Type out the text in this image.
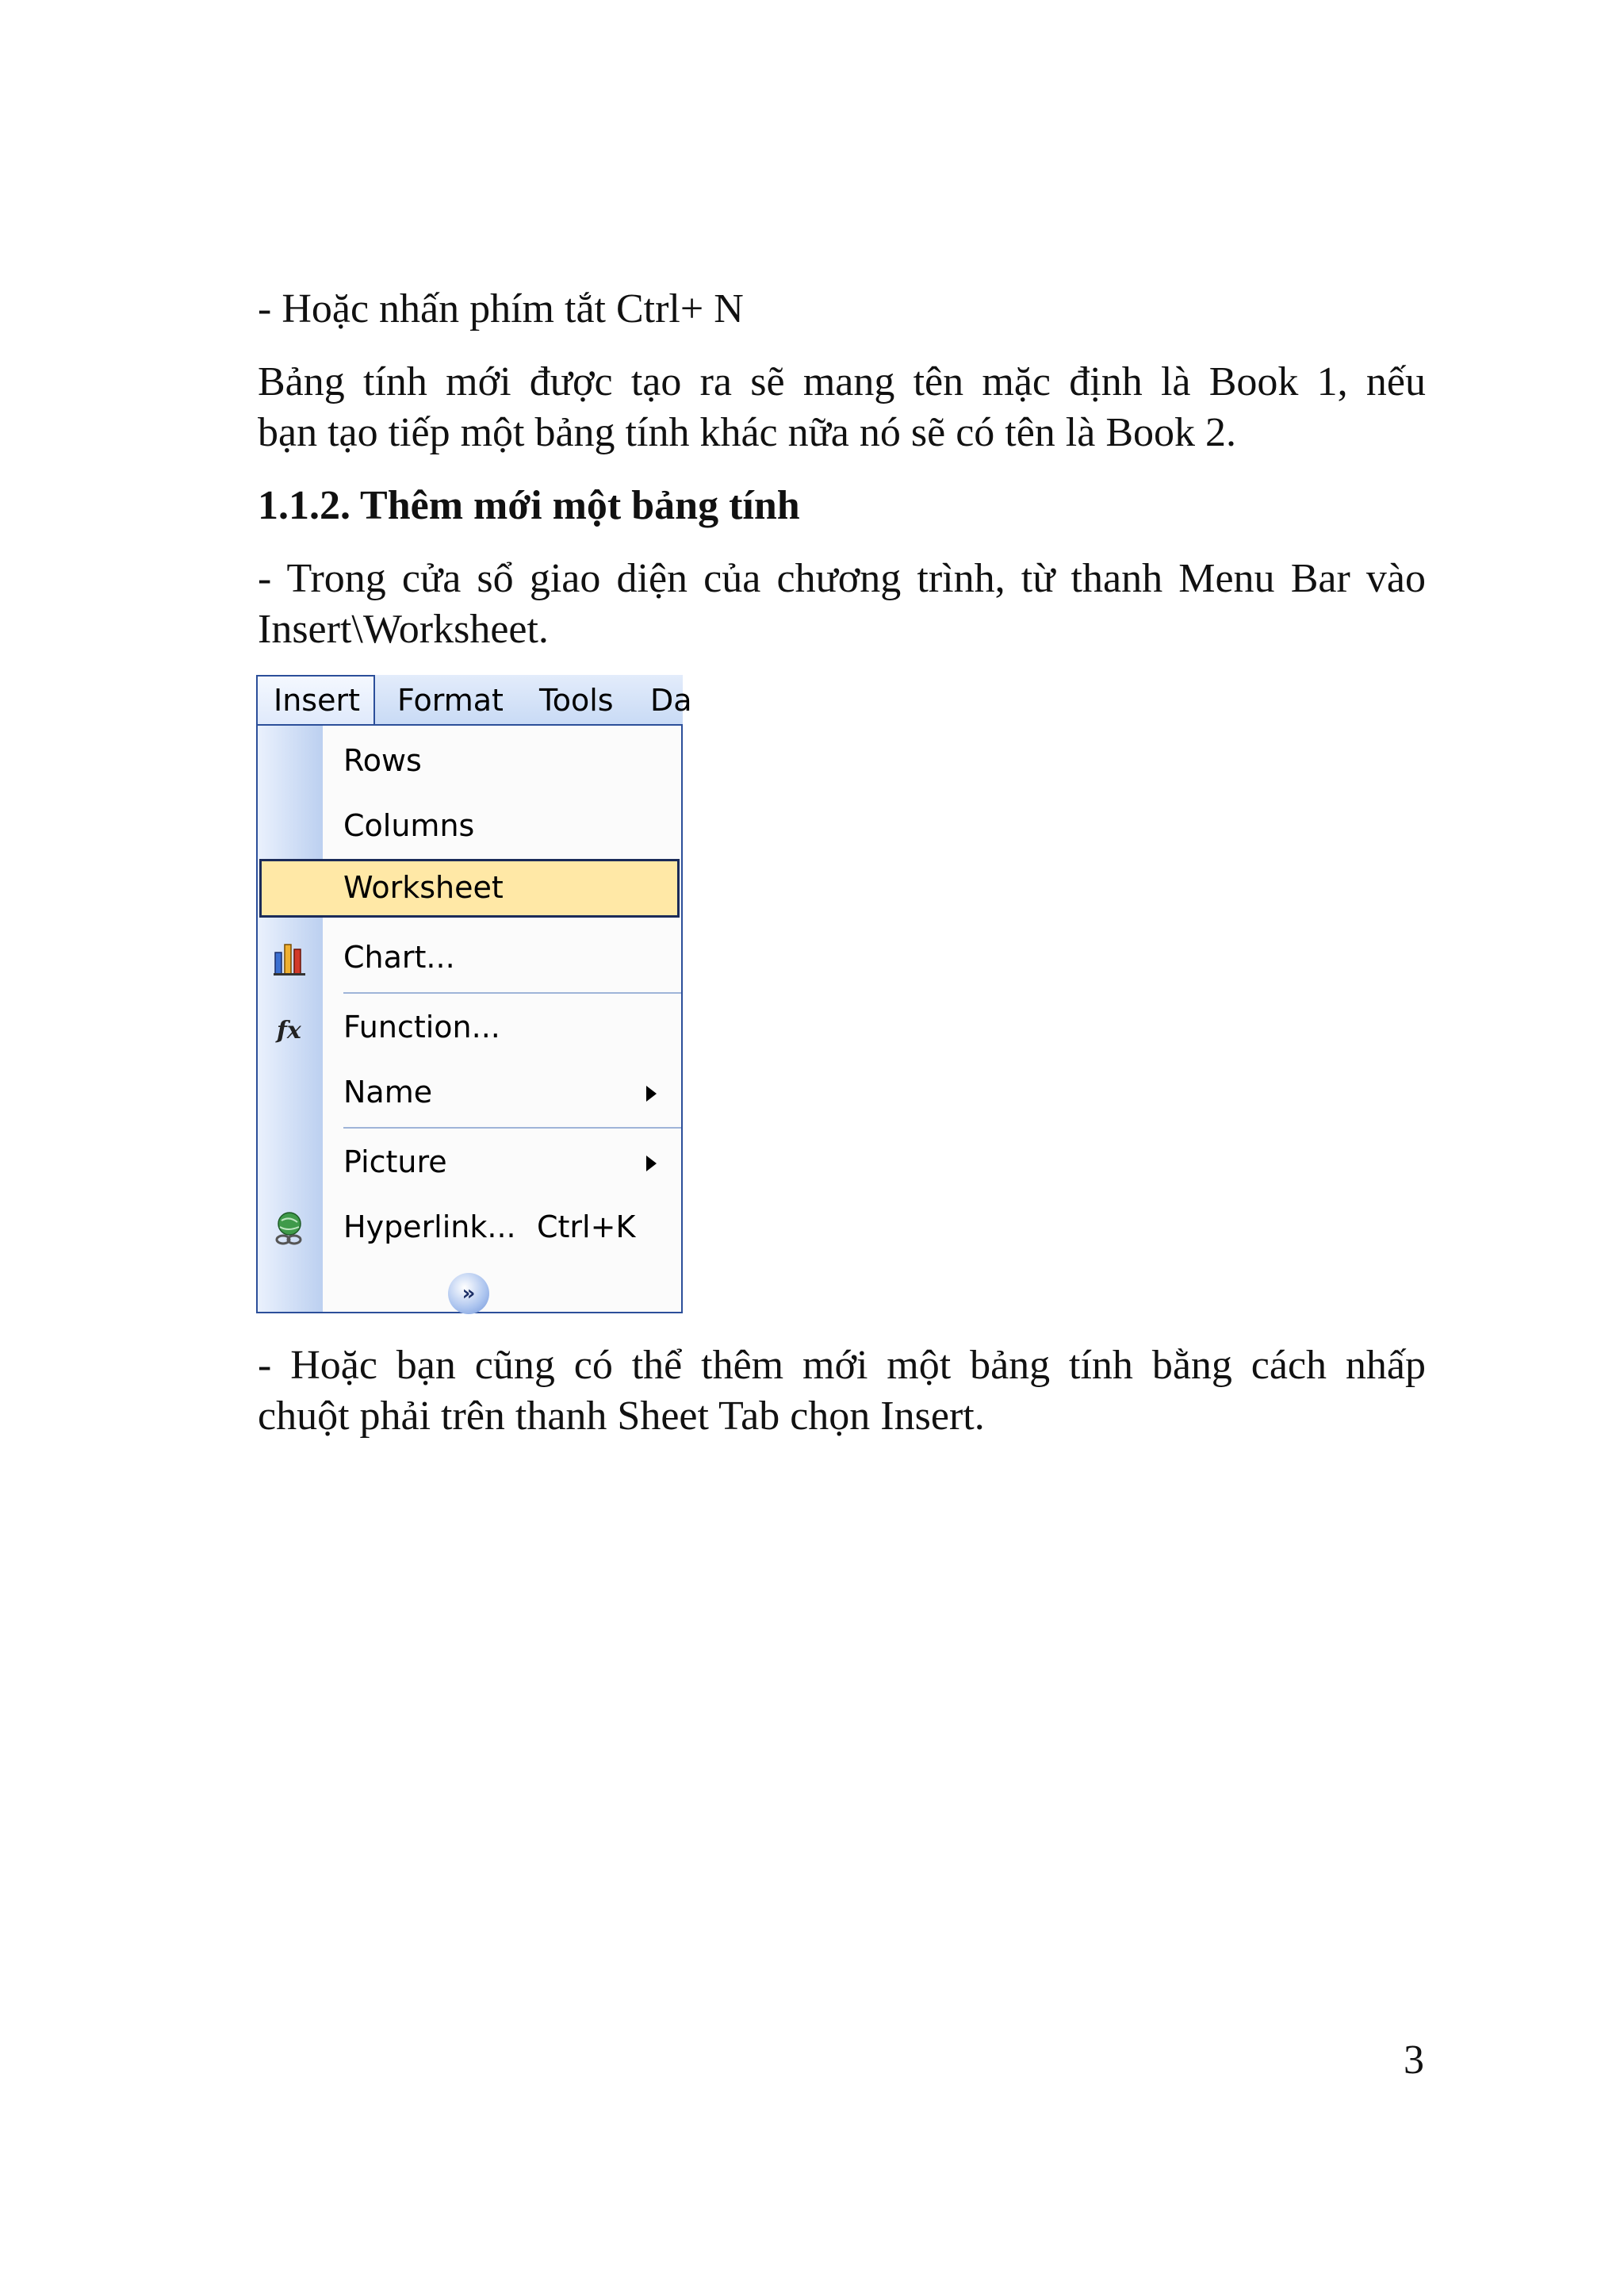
- Hoặc nhấn phím tắt Ctrl+ N

Bảng tính mới được tạo ra sẽ mang tên mặc định là Book 1, nếu

bạn tạo tiếp một bảng tính khác nữa nó sẽ có tên là Book 2.

1.1.2. Thêm mới một bảng tính

- Trong cửa sổ giao diện của chương trình, từ thanh Menu Bar vào

Insert\Worksheet.

Insert Format Tools Da
Rows
Columns
Worksheet
Chart...
fx Function...
Name
Picture
Hyperlink... Ctrl+K
»

- Hoặc bạn cũng có thể thêm mới một bảng tính bằng cách nhấp

chuột phải trên thanh Sheet Tab chọn Insert.

3
